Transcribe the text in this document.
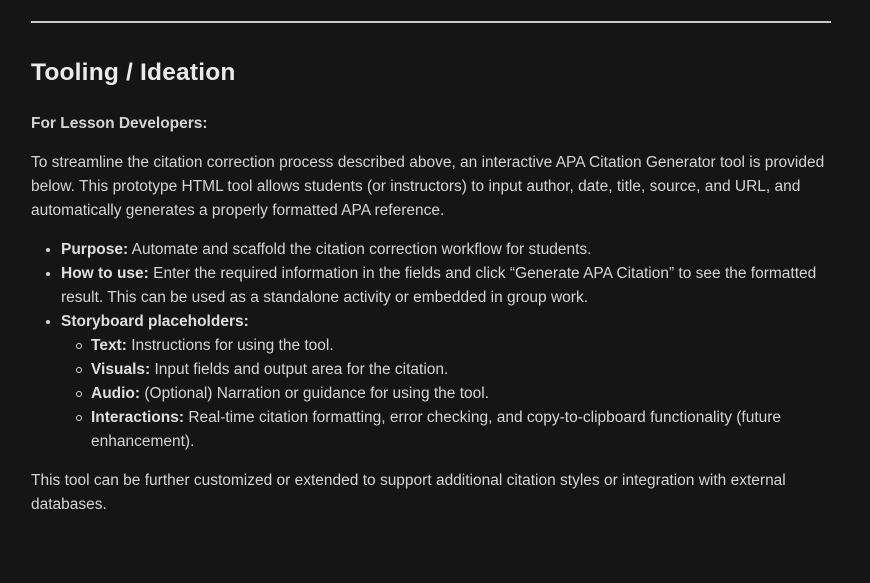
Tooling / Ideation

For Lesson Developers:

To streamline the citation correction process described above, an interactive APA Citation Generator tool is provided below. This prototype HTML tool allows students (or instructors) to input author, date, title, source, and URL, and automatically generates a properly formatted APA reference.

Purpose: Automate and scaffold the citation correction workflow for students.
How to use: Enter the required information in the fields and click “Generate APA Citation” to see the formatted result. This can be used as a standalone activity or embedded in group work.
Storyboard placeholders:
Text: Instructions for using the tool.
Visuals: Input fields and output area for the citation.
Audio: (Optional) Narration or guidance for using the tool.
Interactions: Real-time citation formatting, error checking, and copy-to-clipboard functionality (future enhancement).

This tool can be further customized or extended to support additional citation styles or integration with external databases.
